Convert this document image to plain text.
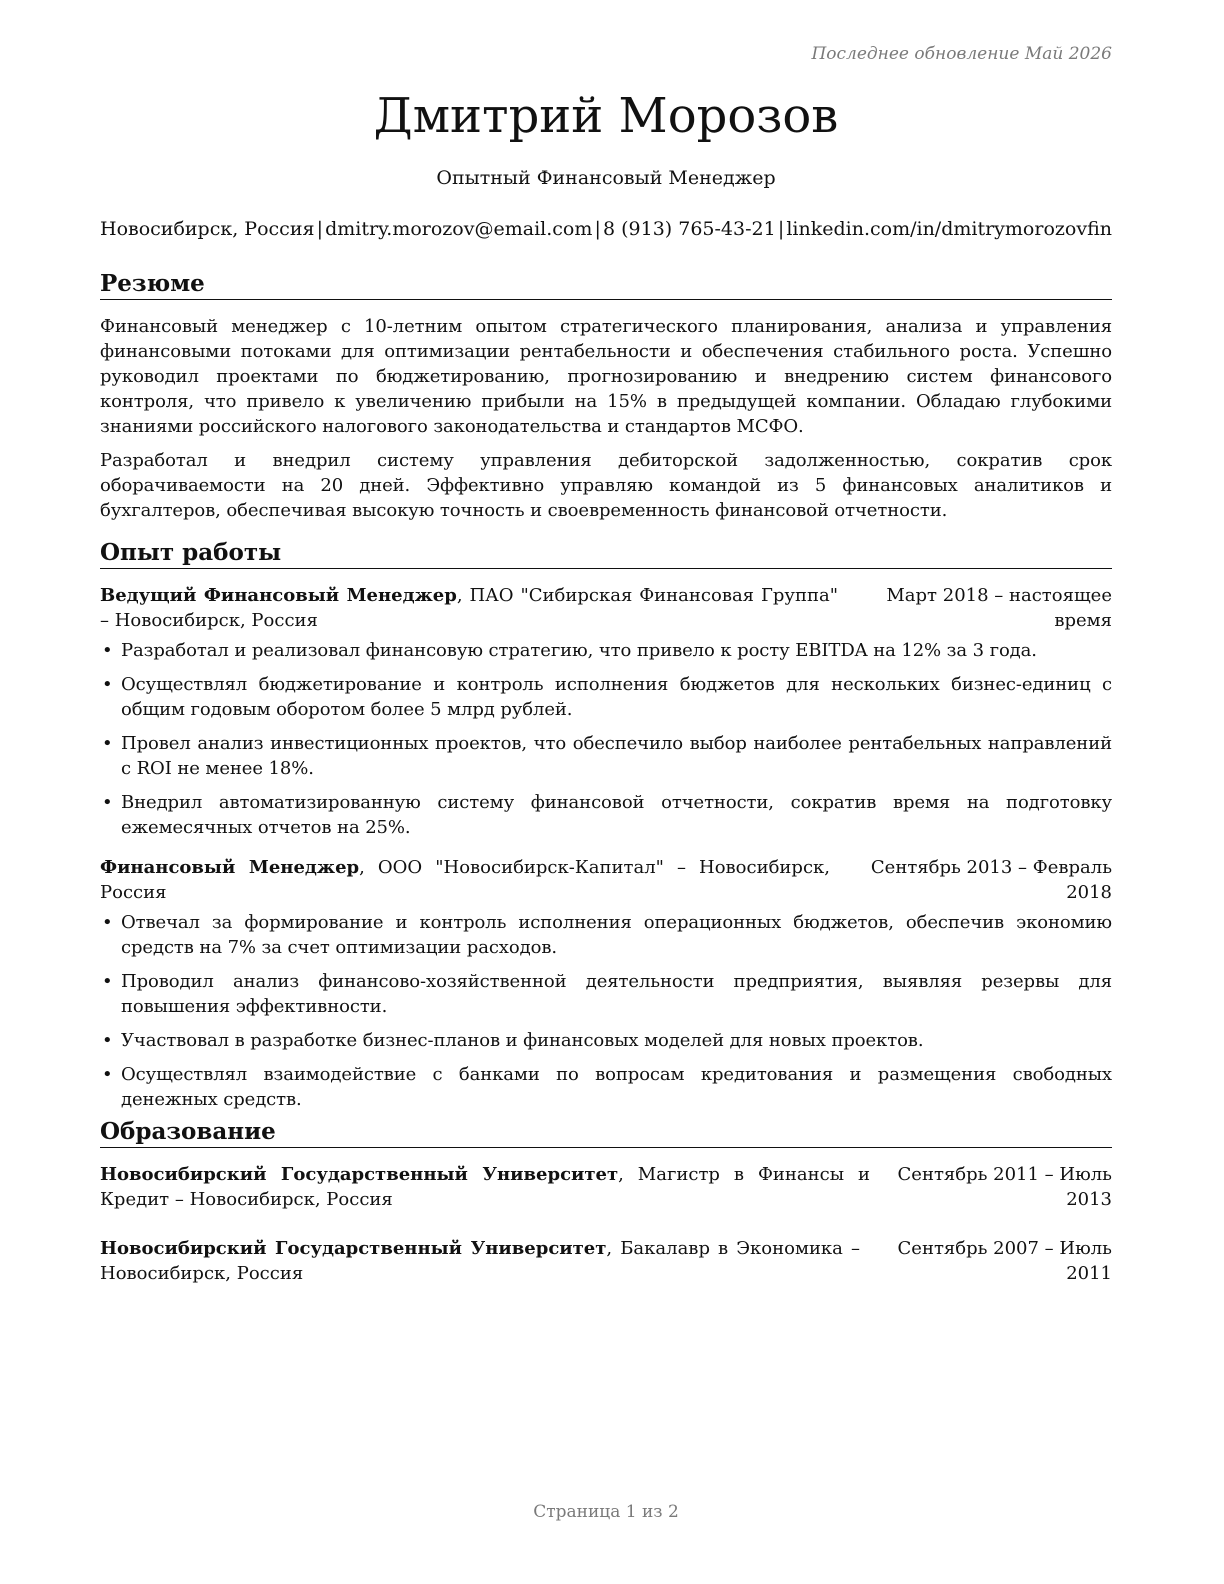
Последнее обновление Май 2026
Дмитрий Морозов
Опытный Финансовый Менеджер
Новосибирск, Россия | dmitry.morozov@email.com | 8 (913) 765-43-21 | linkedin.com/in/dmitrymorozovfin
Резюме

Финансовый менеджер с 10-летним опытом стратегического планирования, анализа и управления финансовыми потоками для оптимизации рентабельности и обеспечения стабильного роста. Успешно руководил проектами по бюджетированию, прогнозированию и внедрению систем финансового контроля, что привело к увеличению прибыли на 15% в предыдущей компании. Обладаю глубокими знаниями российского налогового законодательства и стандартов МСФО.

Разработал и внедрил систему управления дебиторской задолженностью, сократив срок оборачиваемости на 20 дней. Эффективно управляю командой из 5 финансовых аналитиков и бухгалтеров, обеспечивая высокую точность и своевременность финансовой отчетности.

Опыт работы
Ведущий Финансовый Менеджер, ПАО "Сибирская Финансовая Группа" – Новосибирск, Россия
Март 2018 – настоящее время
• Разработал и реализовал финансовую стратегию, что привело к росту EBITDA на 12% за 3 года.
• Осуществлял бюджетирование и контроль исполнения бюджетов для нескольких бизнес-единиц с общим годовым оборотом более 5 млрд рублей.
• Провел анализ инвестиционных проектов, что обеспечило выбор наиболее рентабельных направлений с ROI не менее 18%.
• Внедрил автоматизированную систему финансовой отчетности, сократив время на подготовку ежемесячных отчетов на 25%.
Финансовый Менеджер, ООО "Новосибирск-Капитал" – Новосибирск, Россия
Сентябрь 2013 – Февраль 2018
• Отвечал за формирование и контроль исполнения операционных бюджетов, обеспечив экономию средств на 7% за счет оптимизации расходов.
• Проводил анализ финансово-хозяйственной деятельности предприятия, выявляя резервы для повышения эффективности.
• Участвовал в разработке бизнес-планов и финансовых моделей для новых проектов.
• Осуществлял взаимодействие с банками по вопросам кредитования и размещения свободных денежных средств.
Образование
Новосибирский Государственный Университет, Магистр в Финансы и Кредит – Новосибирск, Россия
Сентябрь 2011 – Июль 2013
Новосибирский Государственный Университет, Бакалавр в Экономика – Новосибирск, Россия
Сентябрь 2007 – Июль 2011
Страница 1 из 2
